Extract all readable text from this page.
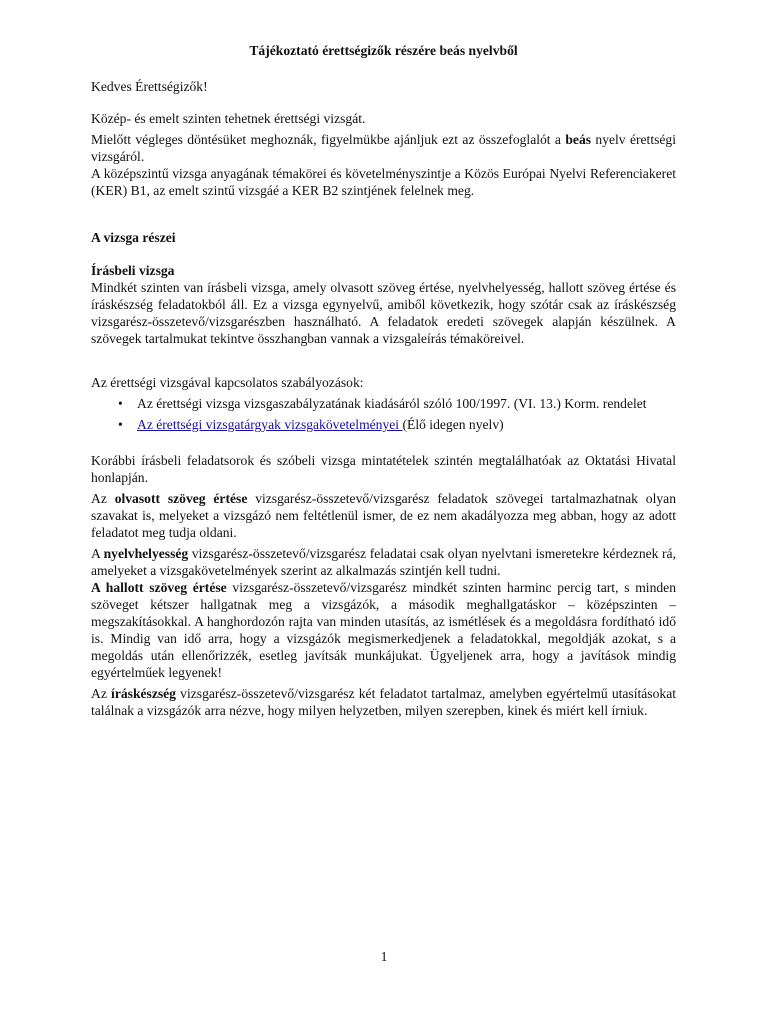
Tájékoztató érettségizők részére beás nyelvből

Kedves Érettségizők!

Közép- és emelt szinten tehetnek érettségi vizsgát.

Mielőtt végleges döntésüket meghoznák, figyelmükbe ajánljuk ezt az összefoglalót a beás nyelv érettségi vizsgáról.

A középszintű vizsga anyagának témakörei és követelményszintje a Közös Európai Nyelvi Referenciakeret (KER) B1, az emelt szintű vizsgáé a KER B2 szintjének felelnek meg.

A vizsga részei
Írásbeli vizsga

Mindkét szinten van írásbeli vizsga, amely olvasott szöveg értése, nyelvhelyesség, hallott szöveg értése és íráskészség feladatokból áll. Ez a vizsga egynyelvű, amiből következik, hogy szótár csak az íráskészség vizsgarész-összetevő/vizsgarészben használható. A feladatok eredeti szövegek alapján készülnek. A szövegek tartalmukat tekintve összhangban vannak a vizsgaleírás témaköreivel.

Az érettségi vizsgával kapcsolatos szabályozások:

• Az érettségi vizsga vizsgaszabályzatának kiadásáról szóló 100/1997. (VI. 13.) Korm. rendelet
• Az érettségi vizsgatárgyak vizsgakövetelményei (Élő idegen nyelv)

Korábbi írásbeli feladatsorok és szóbeli vizsga mintatételek szintén megtalálhatóak az Oktatási Hivatal honlapján.

Az olvasott szöveg értése vizsgarész-összetevő/vizsgarész feladatok szövegei tartalmazhatnak olyan szavakat is, melyeket a vizsgázó nem feltétlenül ismer, de ez nem akadályozza meg abban, hogy az adott feladatot meg tudja oldani.

A nyelvhelyesség vizsgarész-összetevő/vizsgarész feladatai csak olyan nyelvtani ismeretekre kérdeznek rá, amelyeket a vizsgakövetelmények szerint az alkalmazás szintjén kell tudni.

A hallott szöveg értése vizsgarész-összetevő/vizsgarész mindkét szinten harminc percig tart, s minden szöveget kétszer hallgatnak meg a vizsgázók, a második meghallgatáskor – középszinten – megszakításokkal. A hanghordozón rajta van minden utasítás, az ismétlések és a megoldásra fordítható idő is. Mindig van idő arra, hogy a vizsgázók megismerkedjenek a feladatokkal, megoldják azokat, s a megoldás után ellenőrizzék, esetleg javítsák munkájukat. Ügyeljenek arra, hogy a javítások mindig egyértelműek legyenek!

Az íráskészség vizsgarész-összetevő/vizsgarész két feladatot tartalmaz, amelyben egyértelmű utasításokat találnak a vizsgázók arra nézve, hogy milyen helyzetben, milyen szerepben, kinek és miért kell írniuk.

1
